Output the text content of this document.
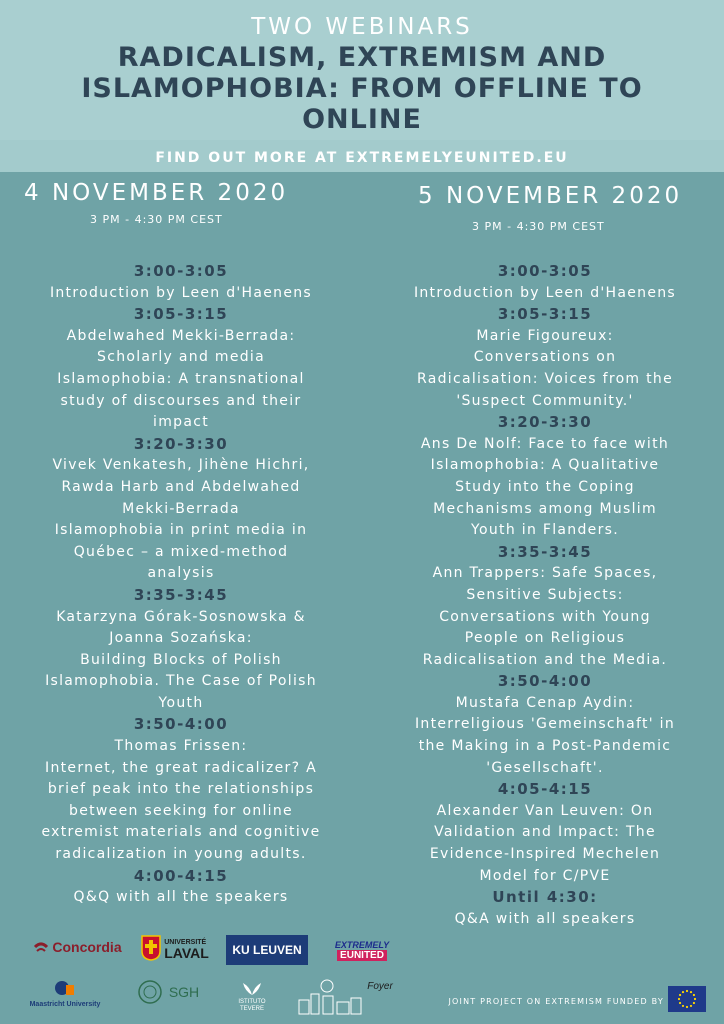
TWO WEBINARS
RADICALISM, EXTREMISM AND
ISLAMOPHOBIA: FROM OFFLINE TO
ONLINE
FIND OUT MORE AT EXTREMELYEUNITED.EU
4 NOVEMBER 2020
3 PM - 4:30 PM CEST
5 NOVEMBER 2020
3 PM - 4:30 PM CEST
3:00-3:05
Introduction by Leen d'Haenens
3:05-3:15
Abdelwahed Mekki-Berrada:
Scholarly and media
Islamophobia: A transnational
study of discourses and their
impact
3:20-3:30
Vivek Venkatesh, Jihène Hichri,
Rawda Harb and Abdelwahed
Mekki-Berrada
Islamophobia in print media in
Québec – a mixed-method
analysis
3:35-3:45
Katarzyna Górak-Sosnowska &
Joanna Sozańska:
Building Blocks of Polish
Islamophobia. The Case of Polish
Youth
3:50-4:00
Thomas Frissen:
Internet, the great radicalizer? A
brief peak into the relationships
between seeking for online
extremist materials and cognitive
radicalization in young adults.
4:00-4:15
Q&Q with all the speakers
3:00-3:05
Introduction by Leen d'Haenens
3:05-3:15
Marie Figoureux:
Conversations on
Radicalisation: Voices from the
'Suspect Community.'
3:20-3:30
Ans De Nolf: Face to face with
Islamophobia: A Qualitative
Study into the Coping
Mechanisms among Muslim
Youth in Flanders.
3:35-3:45
Ann Trappers: Safe Spaces,
Sensitive Subjects:
Conversations with Young
People on Religious
Radicalisation and the Media.
3:50-4:00
Mustafa Cenap Aydin:
Interreligious 'Gemeinschaft' in
the Making in a Post-Pandemic
'Gesellschaft'.
4:05-4:15
Alexander Van Leuven: On
Validation and Impact: The
Evidence-Inspired Mechelen
Model for C/PVE
Until 4:30:
Q&A with all speakers
Concordia	UNIVERSITÉ
LAVAL KU LEUVEN	EXTREMELY
EUNITED
Maastricht University
SGH
ISTITUTO
TEVERE
Foyer
JOINT PROJECT ON EXTREMISM FUNDED BY
